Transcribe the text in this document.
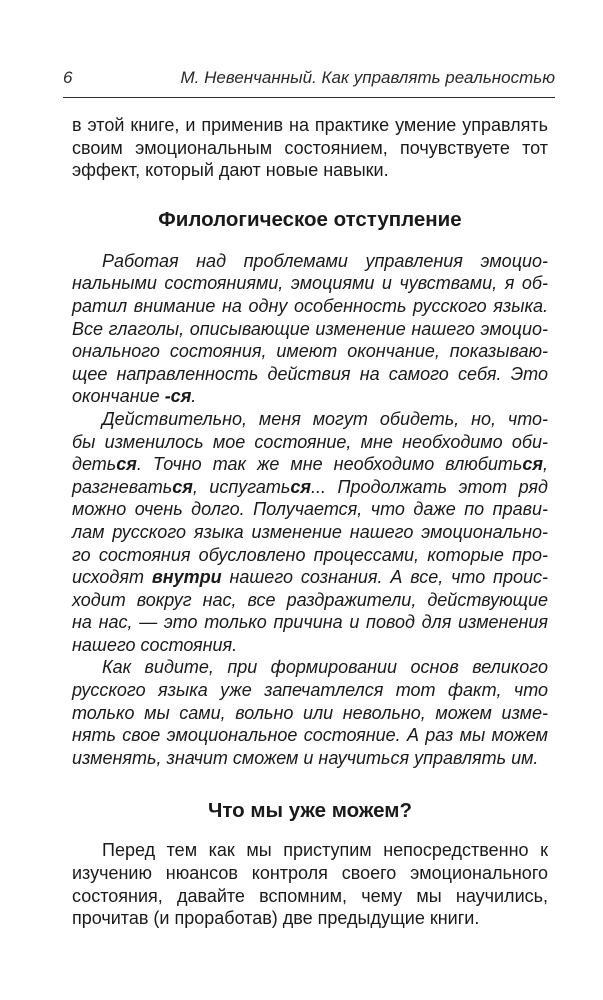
6	М. Невенчанный. Как управлять реальностью
в этой книге, и применив на практике умение управлять
своим эмоциональным состоянием, почувствуете тот
эффект, который дают новые навыки.
Филологическое отступление
Работая над проблемами управления эмоцио-
нальными состояниями, эмоциями и чувствами, я об-
ратил внимание на одну особенность русского языка.
Все глаголы, описывающие изменение нашего эмоцио-
онального состояния, имеют окончание, показываю-
щее направленность действия на самого себя. Это
окончание -ся.
Действительно, меня могут обидеть, но, что-
бы изменилось мое состояние, мне необходимо оби-
деться. Точно так же мне необходимо влюбиться,
разгневаться, испугаться... Продолжать этот ряд
можно очень долго. Получается, что даже по прави-
лам русского языка изменение нашего эмоционально-
го состояния обусловлено процессами, которые про-
исходят внутри нашего сознания. А все, что проис-
ходит вокруг нас, все раздражители, действующие
на нас, — это только причина и повод для изменения
нашего состояния.
Как видите, при формировании основ великого
русского языка уже запечатлелся тот факт, что
только мы сами, вольно или невольно, можем изме-
нять свое эмоциональное состояние. А раз мы можем
изменять, значит сможем и научиться управлять им.
Что мы уже можем?
Перед тем как мы приступим непосредственно к
изучению нюансов контроля своего эмоционального
состояния, давайте вспомним, чему мы научились,
прочитав (и проработав) две предыдущие книги.
